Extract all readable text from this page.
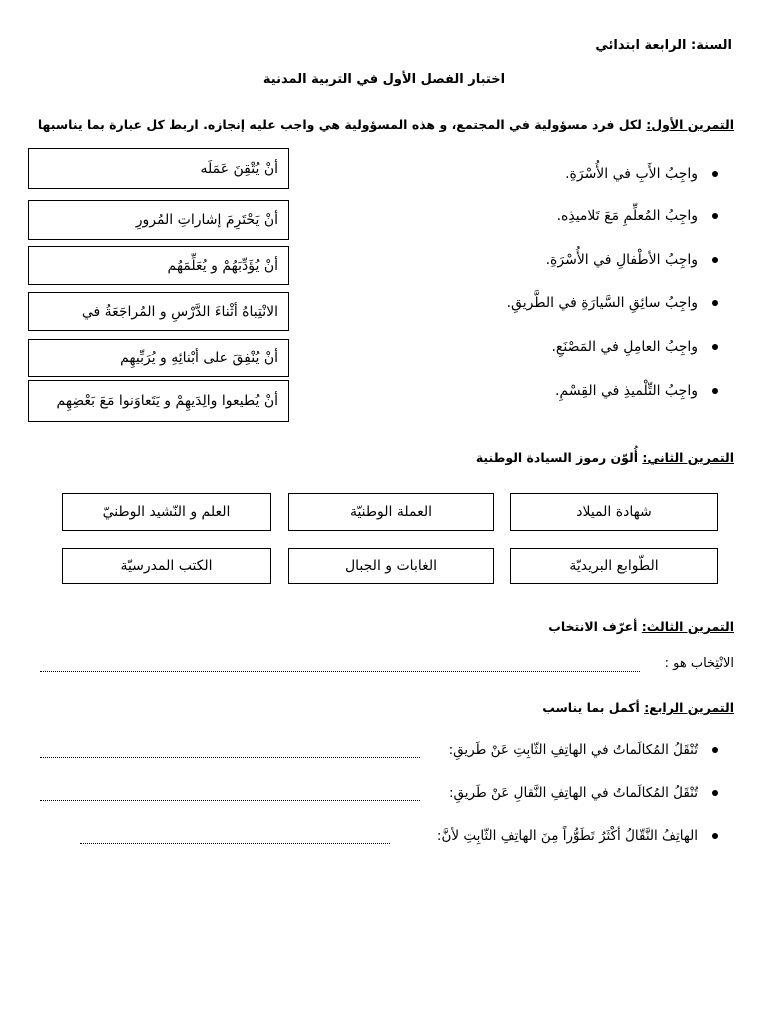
السنة: الرابعة ابتدائي
اختبار الفصل الأول في التربية المدنية
التمرين الأول: لكل فرد مسؤولية في المجتمع، و هذه المسؤولية هي واجب عليه إنجازه. اربط كل عبارة بما يناسبها
واجِبُ الأَبِ في الأُسْرَةِ.
واجِبُ المُعلِّمِ مَعَ تَلاميذِه.
واجِبُ الأطْفالِ في الأُسْرَةِ.
واجِبُ سائِقِ السَّيارَةِ في الطَّريقِ.
واجِبُ العامِلِ في المَصْنَعِ.
واجِبُ التِّلْميذِ في القِسْمِ.
أنْ يُتْقِنَ عَمَلَه
أنْ يَحْتَرِمَ إشاراتِ المُرورِ
أنْ يُؤَدِّبَهُمْ و يُعَلِّمَهُم
الانْتِباهُ أثْناءَ الدَّرْسِ و المُراجَعَةُ في
أنْ يُنْفِقَ على أبْنائِهِ و يُرَبِّيهِم
أنْ يُطيعوا والِدَيهِمْ و يَتَعاوَنوا مَعَ بَعْضِهِم
التمرين الثاني: أُلوّن رموز السيادة الوطنية
شهادة الميلاد
العملة الوطنيّة
العلم و النّشيد الوطنيّ
الطّوابع البريديّة
الغابات و الجبال
الكتب المدرسيّة
التمرين الثالث: أعرّف الانتخاب
الانْتِخاب هو :
التمرين الرابع: أكمل بما يناسب
تُنْقَلُ المُكالَماتُ في الهاتِفِ الثّابِتِ عَنْ طَريقِ:
تُنْقَلُ المُكالَماتُ في الهاتِفِ النَّقالِ عَنْ طَريقِ:
الهاتِفُ النَّقّالُ أكْثَرُ تَطَوُّراً مِنَ الهاتِفِ الثّابِتِ لأنَّ:
